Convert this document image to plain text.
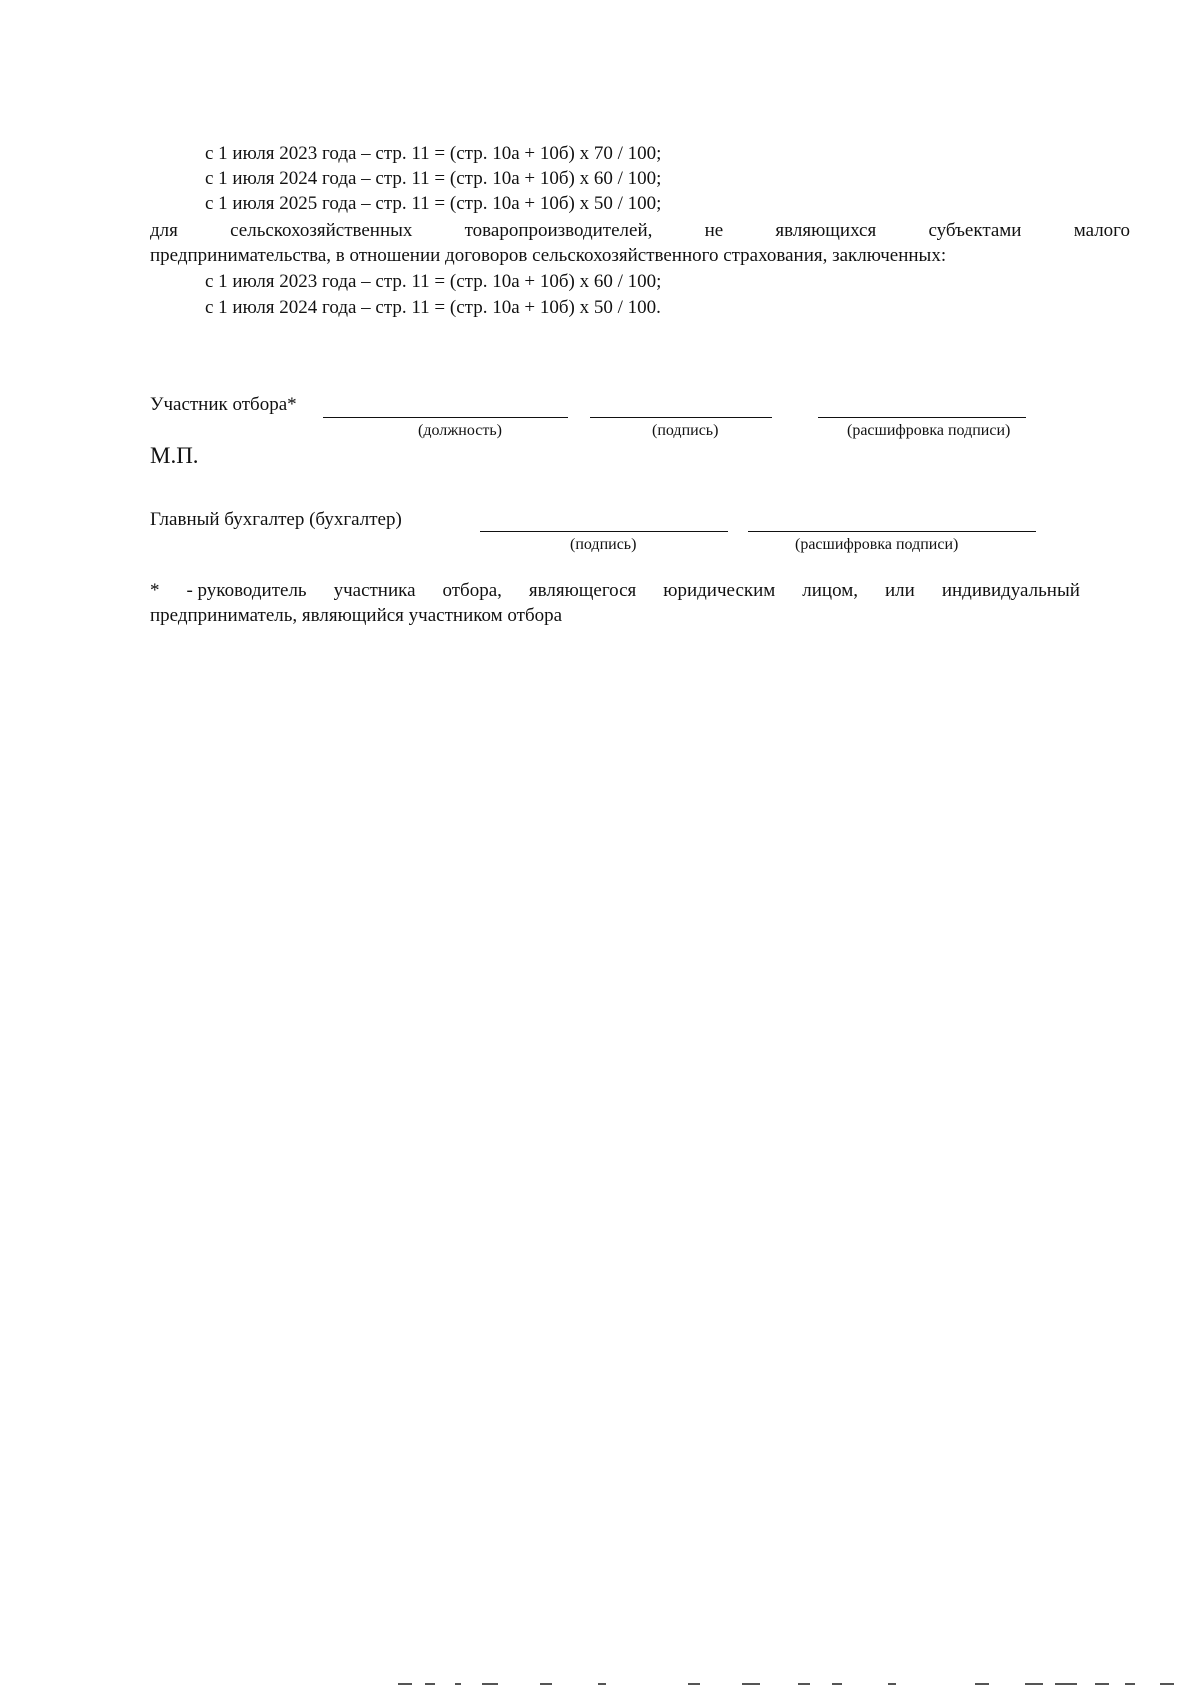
с 1 июля 2023 года – стр. 11 = (стр. 10а + 10б) х 70 / 100;
с 1 июля 2024 года – стр. 11 = (стр. 10а + 10б) х 60 / 100;
с 1 июля 2025 года – стр. 11 = (стр. 10а + 10б) х 50 / 100;
для	сельскохозяйственных	товаропроизводителей,	не	являющихся	субъектами	малого
предпринимательства, в отношении договоров сельскохозяйственного страхования, заключенных:
с 1 июля 2023 года – стр. 11 = (стр. 10а + 10б) х 60 / 100;
с 1 июля 2024 года – стр. 11 = (стр. 10а + 10б) х 50 / 100.
Участник отбора*
(должность)	(подпись)	(расшифровка подписи)
М.П.
Главный бухгалтер (бухгалтер)
(подпись)	(расшифровка подписи)
* - руководитель участника отбора, являющегося юридическим лицом, или индивидуальный
предприниматель, являющийся участником отбора
